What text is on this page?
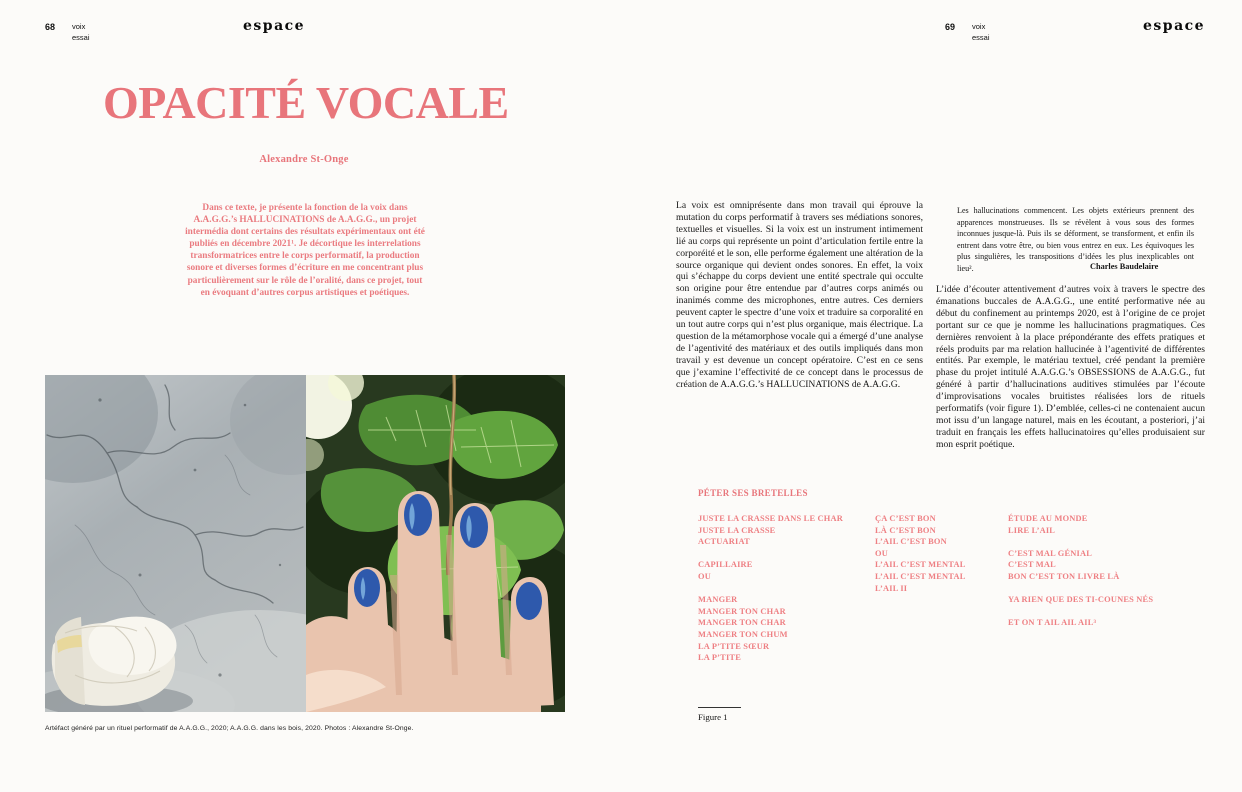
68 voix
essai
espace	69 voix
essai
espace
OPACITÉ VOCALE
Alexandre St-Onge
Dans ce texte, je présente la fonction de la voix dans A.A.G.G.’s HALLUCINATIONS de A.A.G.G., un projet intermédia dont certains des résultats expérimentaux ont été publiés en décembre 2021¹. Je décortique les interrelations transformatrices entre le corps performatif, la production sonore et diverses formes d’écriture en me concentrant plus particulièrement sur le rôle de l’oralité, dans ce projet, tout en évoquant d’autres corpus artistiques et poétiques.
Artéfact généré par un rituel performatif de A.A.G.G., 2020; A.A.G.G. dans les bois, 2020. Photos : Alexandre St-Onge.
La voix est omniprésente dans mon travail qui éprouve la mutation du corps performatif à travers ses médiations sonores, textuelles et visuelles. Si la voix est un instrument intimement lié au corps qui représente un point d’articulation fertile entre la corporéité et le son, elle performe également une altération de la source organique qui devient ondes sonores. En effet, la voix qui s’échappe du corps devient une entité spectrale qui occulte son origine pour être entendue par d’autres corps animés ou inanimés comme des microphones, entre autres. Ces derniers peuvent capter le spectre d’une voix et traduire sa corporalité en un tout autre corps qui n’est plus organique, mais électrique. La question de la métamorphose vocale qui a émergé d’une analyse de l’agentivité des matériaux et des outils impliqués dans mon travail y est devenue un concept opératoire. C’est en ce sens que j’examine l’effectivité de ce concept dans le processus de création de A.A.G.G.’s HALLUCINATIONS de A.A.G.G.
Les hallucinations commencent. Les objets extérieurs prennent des apparences monstrueuses. Ils se révèlent à vous sous des formes inconnues jusque-là. Puis ils se déforment, se transforment, et enfin ils entrent dans votre être, ou bien vous entrez en eux. Les équivoques les plus singulières, les transpositions d’idées les plus inexplicables ont lieu².	Charles Baudelaire
L’idée d’écouter attentivement d’autres voix à travers le spectre des émanations buccales de A.A.G.G., une entité performative née au début du confinement au printemps 2020, est à l’origine de ce projet portant sur ce que je nomme les hallucinations pragmatiques. Ces dernières renvoient à la place prépondérante des effets pratiques et réels produits par ma relation hallucinée à l’agentivité de différentes entités. Par exemple, le matériau textuel, créé pendant la première phase du projet intitulé A.A.G.G.’s OBSESSIONS de A.A.G.G., fut généré à partir d’hallucinations auditives stimulées par l’écoute d’improvisations vocales bruitistes réalisées lors de rituels performatifs (voir figure 1). D’emblée, celles-ci ne contenaient aucun mot issu d’un langage naturel, mais en les écoutant, a posteriori, j’ai traduit en français les effets hallucinatoires qu’elles produisaient sur mon esprit poétique.
PÉTER SES BRETELLES
JUSTE LA CRASSE DANS LE CHAR
JUSTE LA CRASSE
ACTUARIAT
CAPILLAIRE
OU
MANGER
MANGER TON CHAR
MANGER TON CHAR
MANGER TON CHUM
LA P’TITE SŒUR
LA P’TITE
ÇA C’EST BON
LÀ C’EST BON
L’AIL C’EST BON
OU
L’AIL C’EST MENTAL
L’AIL C’EST MENTAL
L’AIL II
ÉTUDE AU MONDE
LIRE L’AIL
C’EST MAL GÉNIAL
C’EST MAL
BON C’EST TON LIVRE LÀ
YA RIEN QUE DES TI-COUNES NÉS
ET ON T AIL AIL AIL³
Figure 1
